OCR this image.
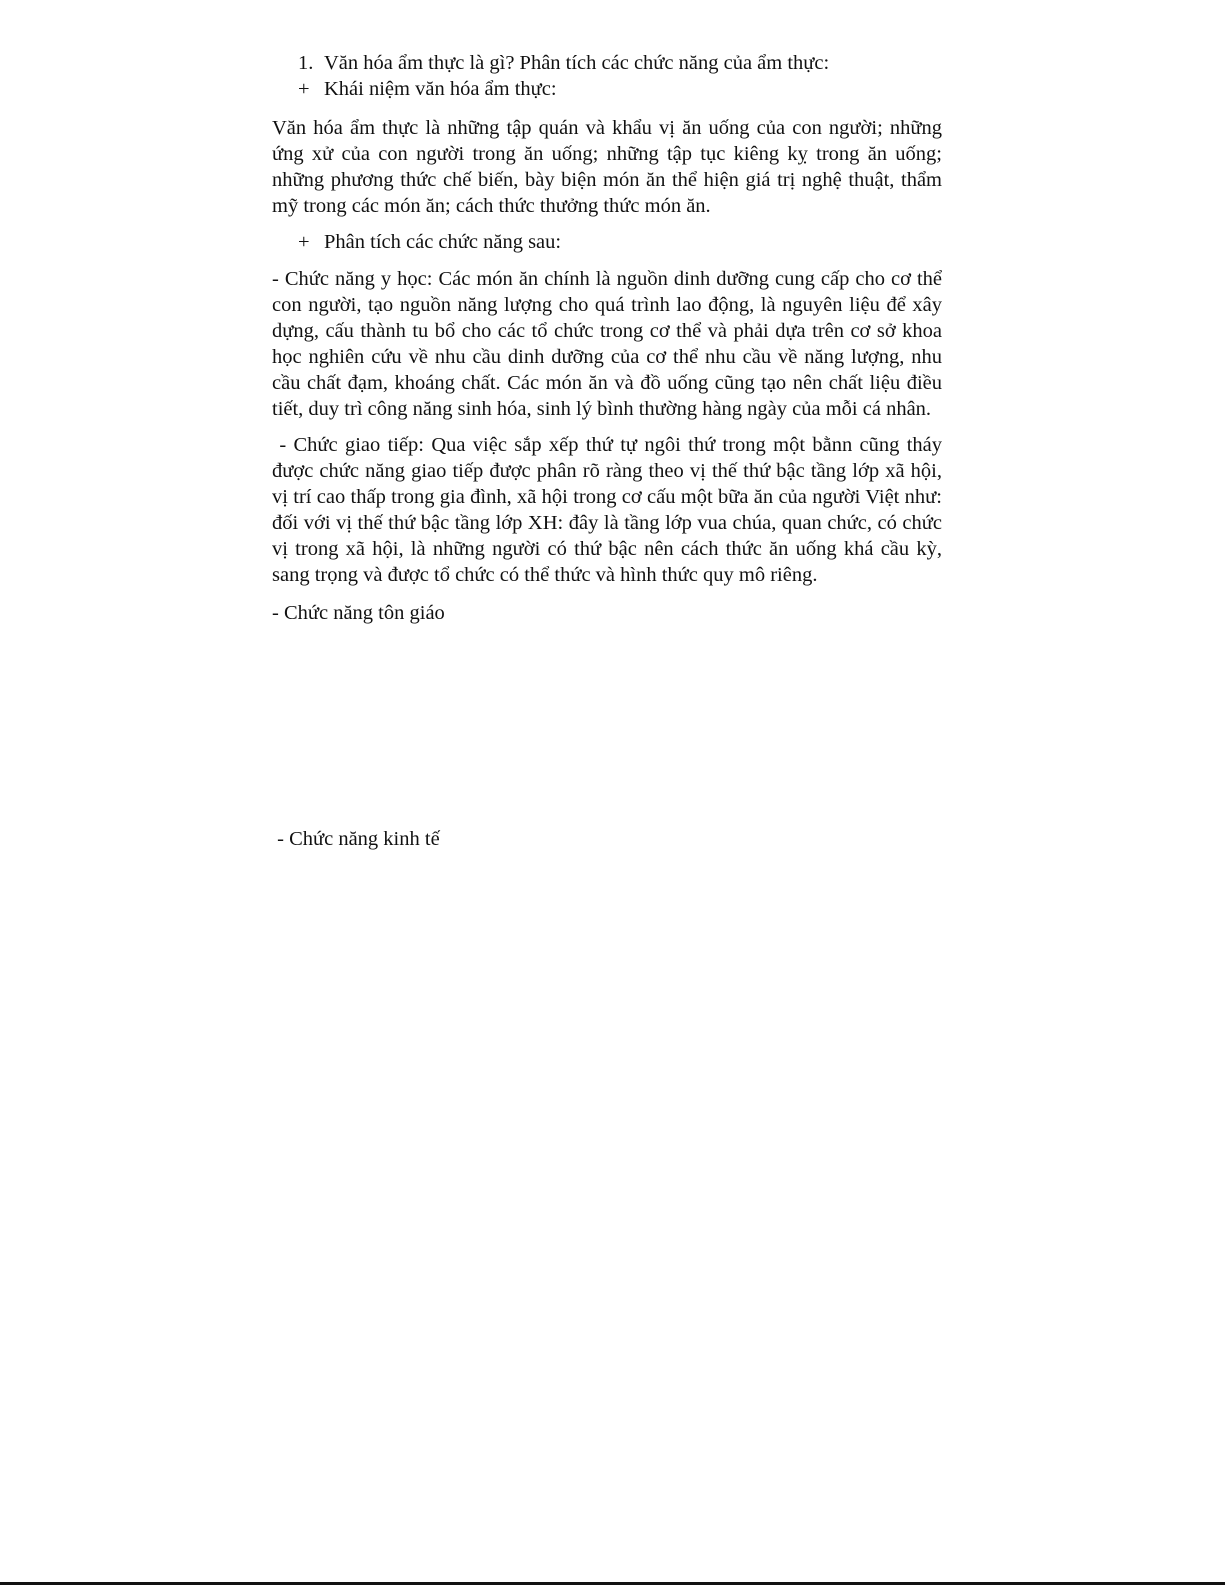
1. Văn hóa ẩm thực là gì? Phân tích các chức năng của ẩm thực:
+ Khái niệm văn hóa ẩm thực:

Văn hóa ẩm thực là những tập quán và khẩu vị ăn uống của con người; những ứng xử của con người trong ăn uống; những tập tục kiêng kỵ trong ăn uống; những phương thức chế biến, bày biện món ăn thể hiện giá trị nghệ thuật, thẩm mỹ trong các món ăn; cách thức thưởng thức món ăn.

+ Phân tích các chức năng sau:

- Chức năng y học: Các món ăn chính là nguồn dinh dưỡng cung cấp cho cơ thể con người, tạo nguồn năng lượng cho quá trình lao động, là nguyên liệu để xây dựng, cấu thành tu bổ cho các tổ chức trong cơ thể và phải dựa trên cơ sở khoa học nghiên cứu về nhu cầu dinh dưỡng của cơ thể nhu cầu về năng lượng, nhu cầu chất đạm, khoáng chất. Các món ăn và đồ uống cũng tạo nên chất liệu điều tiết, duy trì công năng sinh hóa, sinh lý bình thường hàng ngày của mỗi cá nhân.

- Chức giao tiếp: Qua việc sắp xếp thứ tự ngôi thứ trong một bằnn cũng tháy được chức năng giao tiếp được phân rõ ràng theo vị thế thứ bậc tầng lớp xã hội, vị trí cao thấp trong gia đình, xã hội trong cơ cấu một bữa ăn của người Việt như: đối với vị thế thứ bậc tầng lớp XH: đây là tầng lớp vua chúa, quan chức, có chức vị trong xã hội, là những người có thứ bậc nên cách thức ăn uống khá cầu kỳ, sang trọng và được tổ chức có thể thức và hình thức quy mô riêng.

- Chức năng tôn giáo
- Chức năng kinh tế
